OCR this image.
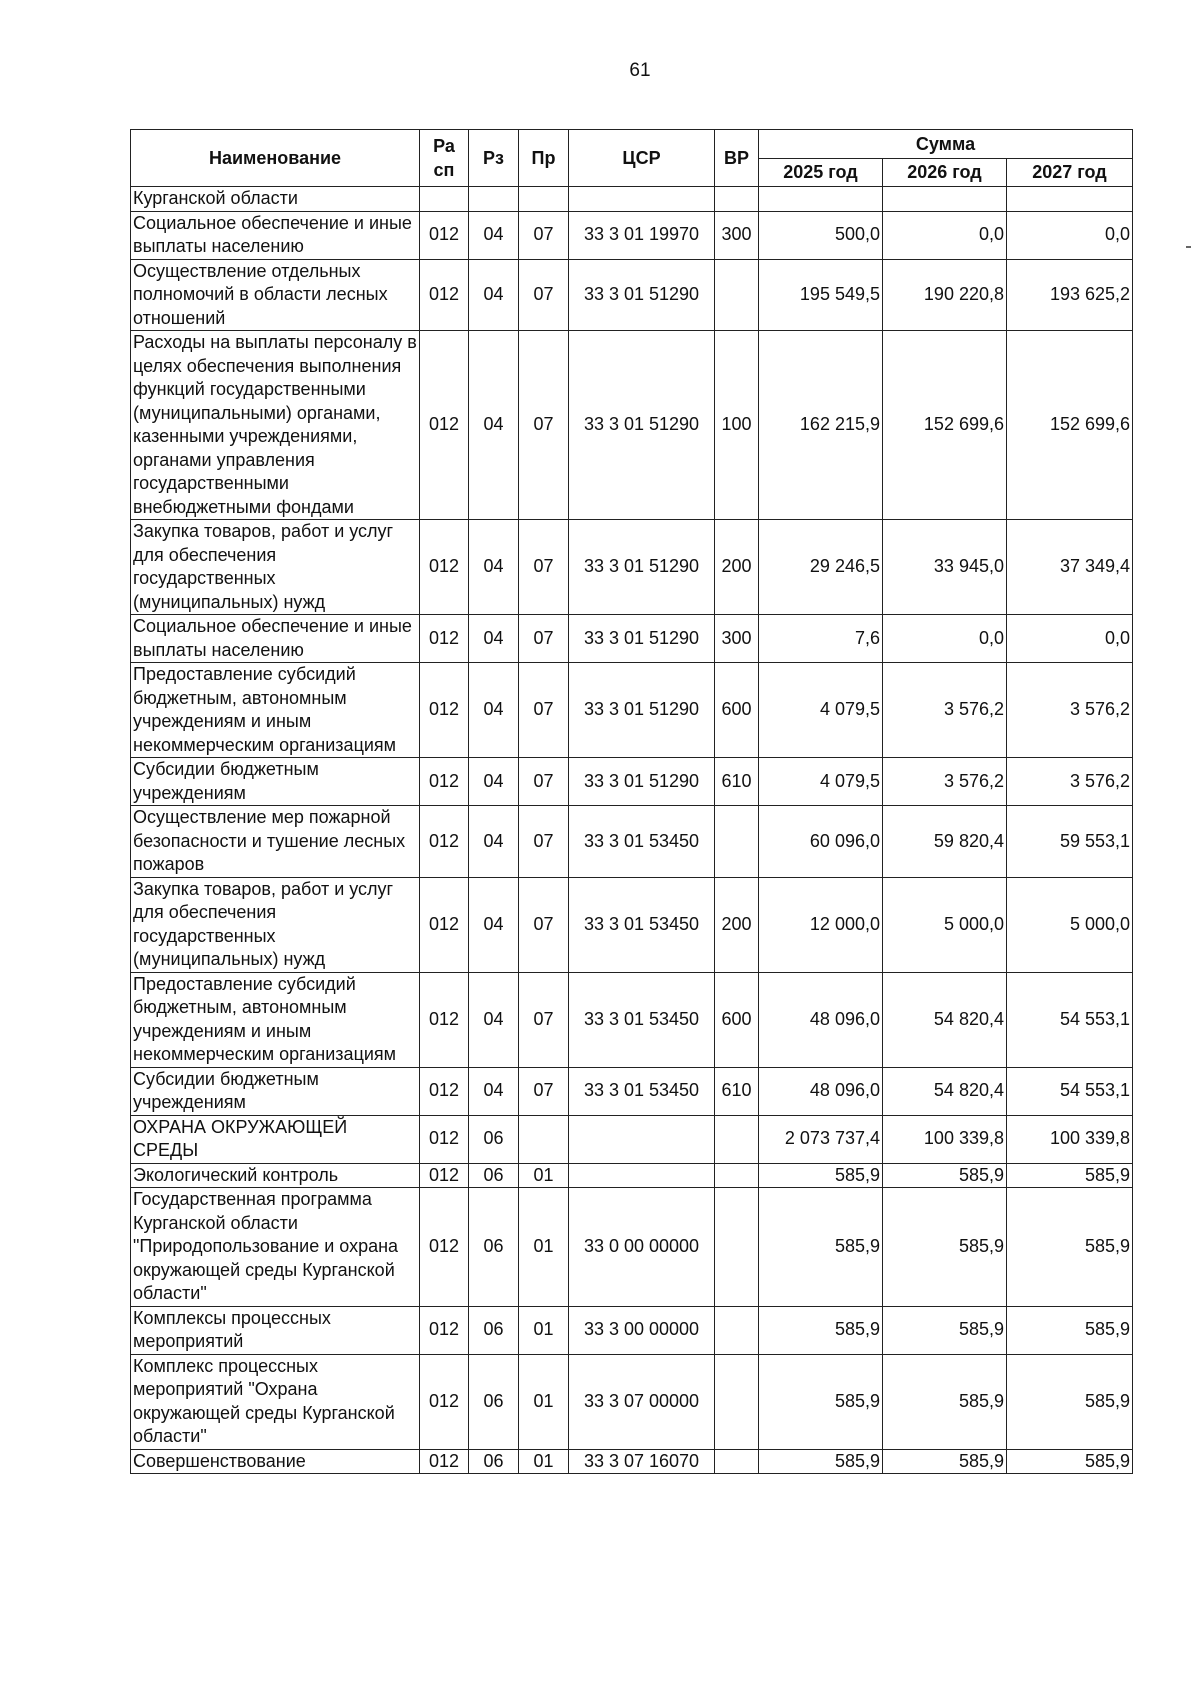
61
Наименование	Ра сп	Рз	Пр	ЦСР	ВР	Сумма		
						2025 год	2026 год	2027 год
Курганской области								
Социальное обеспечение и иные выплаты населению	012	04	07	33 3 01 19970	300	500,0	0,0	0,0
Осуществление отдельных полномочий в области лесных отношений	012	04	07	33 3 01 51290		195 549,5	190 220,8	193 625,2
Расходы на выплаты персоналу в целях обеспечения выполнения функций государственными (муниципальными) органами, казенными учреждениями, органами управления государственными внебюджетными фондами	012	04	07	33 3 01 51290	100	162 215,9	152 699,6	152 699,6
Закупка товаров, работ и услуг для обеспечения государственных (муниципальных) нужд	012	04	07	33 3 01 51290	200	29 246,5	33 945,0	37 349,4
Социальное обеспечение и иные выплаты населению	012	04	07	33 3 01 51290	300	7,6	0,0	0,0
Предоставление субсидий бюджетным, автономным учреждениям и иным некоммерческим организациям	012	04	07	33 3 01 51290	600	4 079,5	3 576,2	3 576,2
Субсидии бюджетным учреждениям	012	04	07	33 3 01 51290	610	4 079,5	3 576,2	3 576,2
Осуществление мер пожарной безопасности и тушение лесных пожаров	012	04	07	33 3 01 53450		60 096,0	59 820,4	59 553,1
Закупка товаров, работ и услуг для обеспечения государственных (муниципальных) нужд	012	04	07	33 3 01 53450	200	12 000,0	5 000,0	5 000,0
Предоставление субсидий бюджетным, автономным учреждениям и иным некоммерческим организациям	012	04	07	33 3 01 53450	600	48 096,0	54 820,4	54 553,1
Субсидии бюджетным учреждениям	012	04	07	33 3 01 53450	610	48 096,0	54 820,4	54 553,1
ОХРАНА ОКРУЖАЮЩЕЙ СРЕДЫ	012	06				2 073 737,4	100 339,8	100 339,8
Экологический контроль	012	06	01			585,9	585,9	585,9
Государственная программа Курганской области "Природопользование и охрана окружающей среды Курганской области"	012	06	01	33 0 00 00000		585,9	585,9	585,9
Комплексы процессных мероприятий	012	06	01	33 3 00 00000		585,9	585,9	585,9
Комплекс процессных мероприятий "Охрана окружающей среды Курганской области"	012	06	01	33 3 07 00000		585,9	585,9	585,9
Совершенствование	012	06	01	33 3 07 16070		585,9	585,9	585,9
